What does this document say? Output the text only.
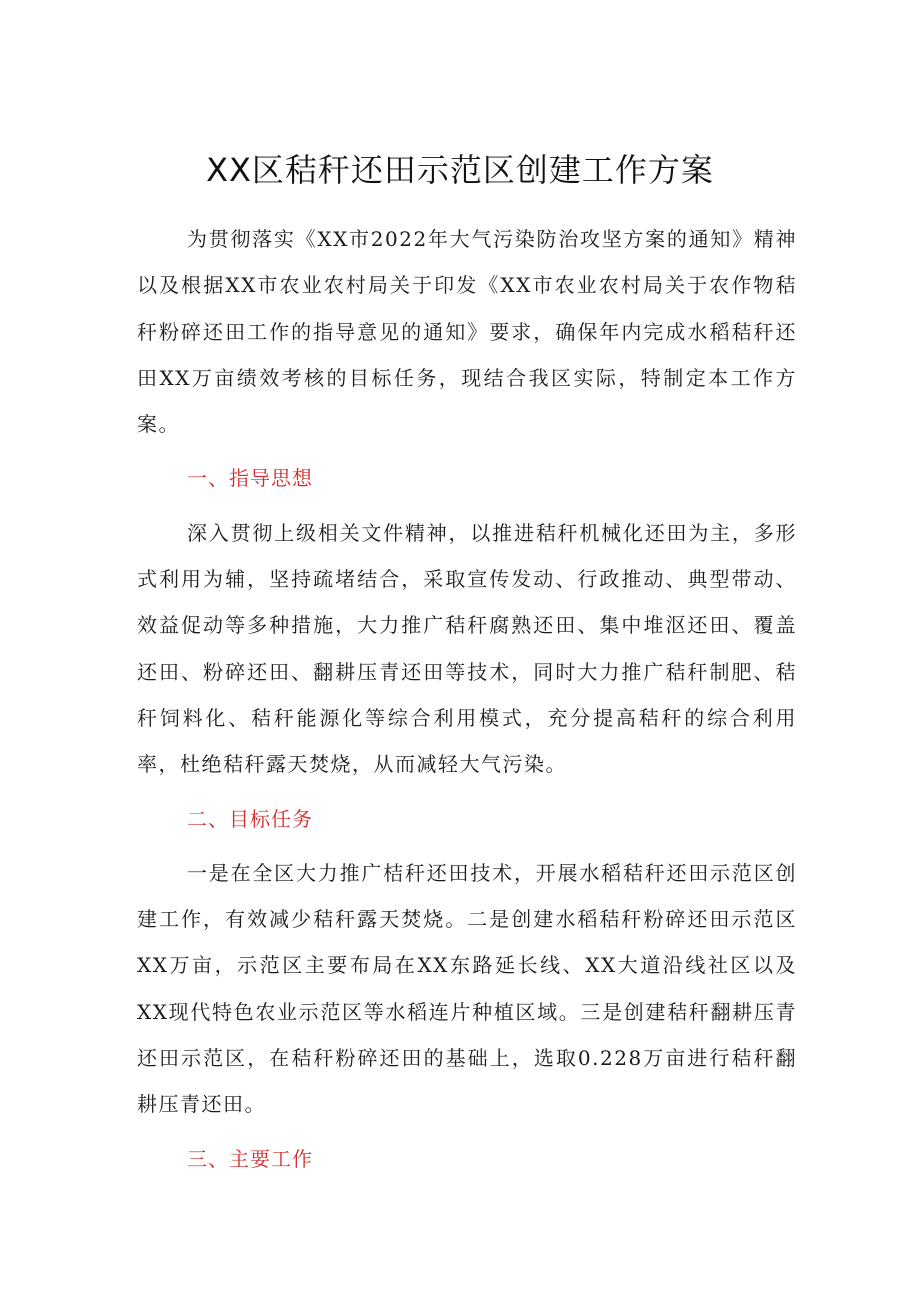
XX区秸秆还田示范区创建工作方案

为贯彻落实《XX市2022年大气污染防治攻坚方案的通知》精神以及根据XX市农业农村局关于印发《XX市农业农村局关于农作物秸秆粉碎还田工作的指导意见的通知》要求，确保年内完成水稻秸秆还田XX万亩绩效考核的目标任务，现结合我区实际，特制定本工作方案。

一、指导思想

深入贯彻上级相关文件精神，以推进秸秆机械化还田为主，多形式利用为辅，坚持疏堵结合，采取宣传发动、行政推动、典型带动、效益促动等多种措施，大力推广秸秆腐熟还田、集中堆沤还田、覆盖还田、粉碎还田、翻耕压青还田等技术，同时大力推广秸秆制肥、秸秆饲料化、秸秆能源化等综合利用模式，充分提高秸秆的综合利用率，杜绝秸秆露天焚烧，从而减轻大气污染。

二、目标任务

一是在全区大力推广桔秆还田技术，开展水稻秸秆还田示范区创建工作，有效减少秸秆露天焚烧。二是创建水稻秸秆粉碎还田示范区XX万亩，示范区主要布局在XX东路延长线、XX大道沿线社区以及XX现代特色农业示范区等水稻连片种植区域。三是创建秸秆翻耕压青还田示范区，在秸秆粉碎还田的基础上，选取0.228万亩进行秸秆翻耕压青还田。

三、主要工作
